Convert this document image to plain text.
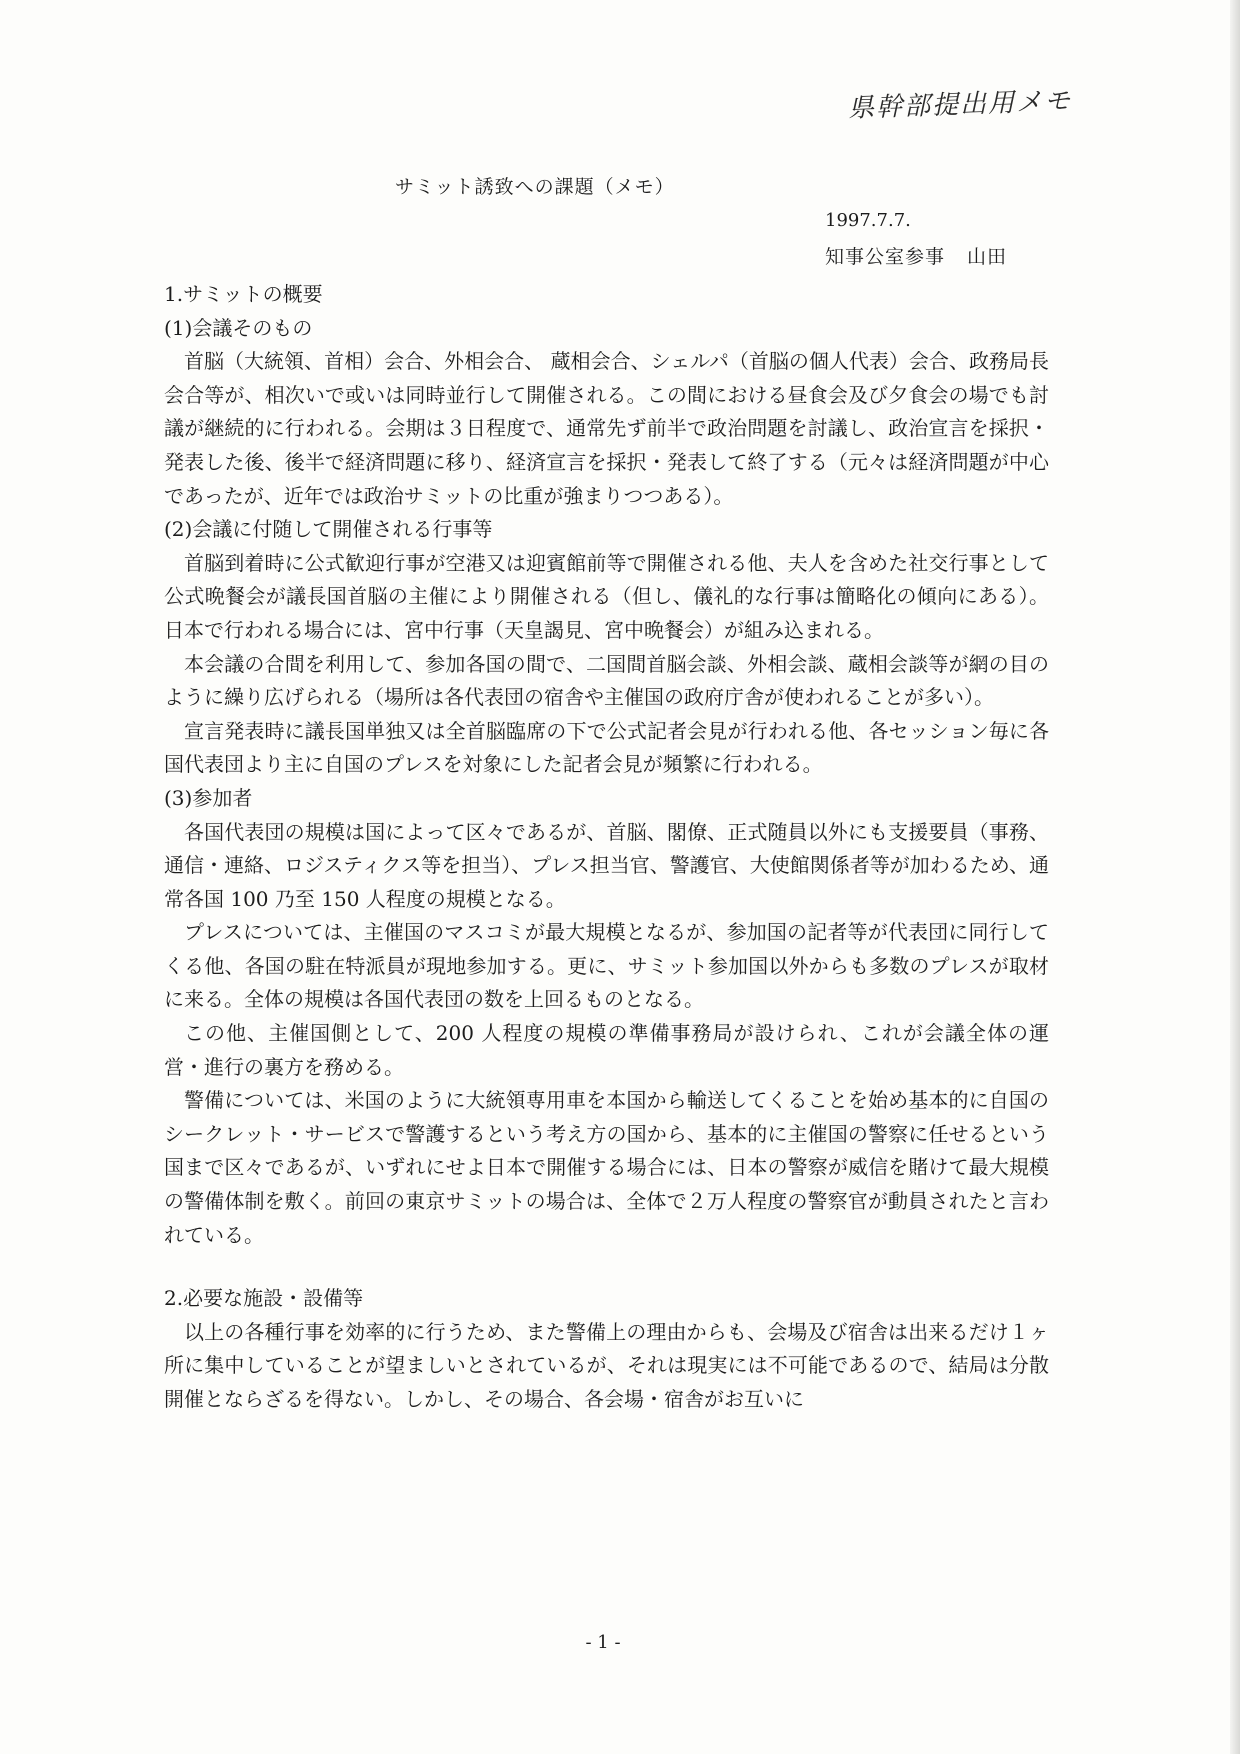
県幹部提出用メモ
サミット誘致への課題（メモ）
1997.7.7.
知事公室参事 山田

1.サミットの概要

(1)会議そのもの

首脳（大統領、首相）会合、外相会合、 蔵相会合、シェルパ（首脳の個人代表）会合、政務局長会合等が、相次いで或いは同時並行して開催される。この間における昼食会及び夕食会の場でも討議が継続的に行われる。会期は３日程度で、通常先ず前半で政治問題を討議し、政治宣言を採択・発表した後、後半で経済問題に移り、経済宣言を採択・発表して終了する（元々は経済問題が中心であったが、近年では政治サミットの比重が強まりつつある）。

(2)会議に付随して開催される行事等

首脳到着時に公式歓迎行事が空港又は迎賓館前等で開催される他、夫人を含めた社交行事として公式晩餐会が議長国首脳の主催により開催される（但し、儀礼的な行事は簡略化の傾向にある）。日本で行われる場合には、宮中行事（天皇謁見、宮中晩餐会）が組み込まれる。

本会議の合間を利用して、参加各国の間で、二国間首脳会談、外相会談、蔵相会談等が網の目のように繰り広げられる（場所は各代表団の宿舎や主催国の政府庁舎が使われることが多い）。

宣言発表時に議長国単独又は全首脳臨席の下で公式記者会見が行われる他、各セッション毎に各国代表団より主に自国のプレスを対象にした記者会見が頻繁に行われる。

(3)参加者

各国代表団の規模は国によって区々であるが、首脳、閣僚、正式随員以外にも支援要員（事務、通信・連絡、ロジスティクス等を担当）、プレス担当官、警護官、大使館関係者等が加わるため、通常各国 100 乃至 150 人程度の規模となる。

プレスについては、主催国のマスコミが最大規模となるが、参加国の記者等が代表団に同行してくる他、各国の駐在特派員が現地参加する。更に、サミット参加国以外からも多数のプレスが取材に来る。全体の規模は各国代表団の数を上回るものとなる。

この他、主催国側として、200 人程度の規模の準備事務局が設けられ、これが会議全体の運営・進行の裏方を務める。

警備については、米国のように大統領専用車を本国から輸送してくることを始め基本的に自国のシークレット・サービスで警護するという考え方の国から、基本的に主催国の警察に任せるという国まで区々であるが、いずれにせよ日本で開催する場合には、日本の警察が威信を賭けて最大規模の警備体制を敷く。前回の東京サミットの場合は、全体で２万人程度の警察官が動員されたと言われている。

2.必要な施設・設備等

以上の各種行事を効率的に行うため、また警備上の理由からも、会場及び宿舎は出来るだけ１ヶ所に集中していることが望ましいとされているが、それは現実には不可能であるので、結局は分散開催とならざるを得ない。しかし、その場合、各会場・宿舎がお互いに

- 1 -
